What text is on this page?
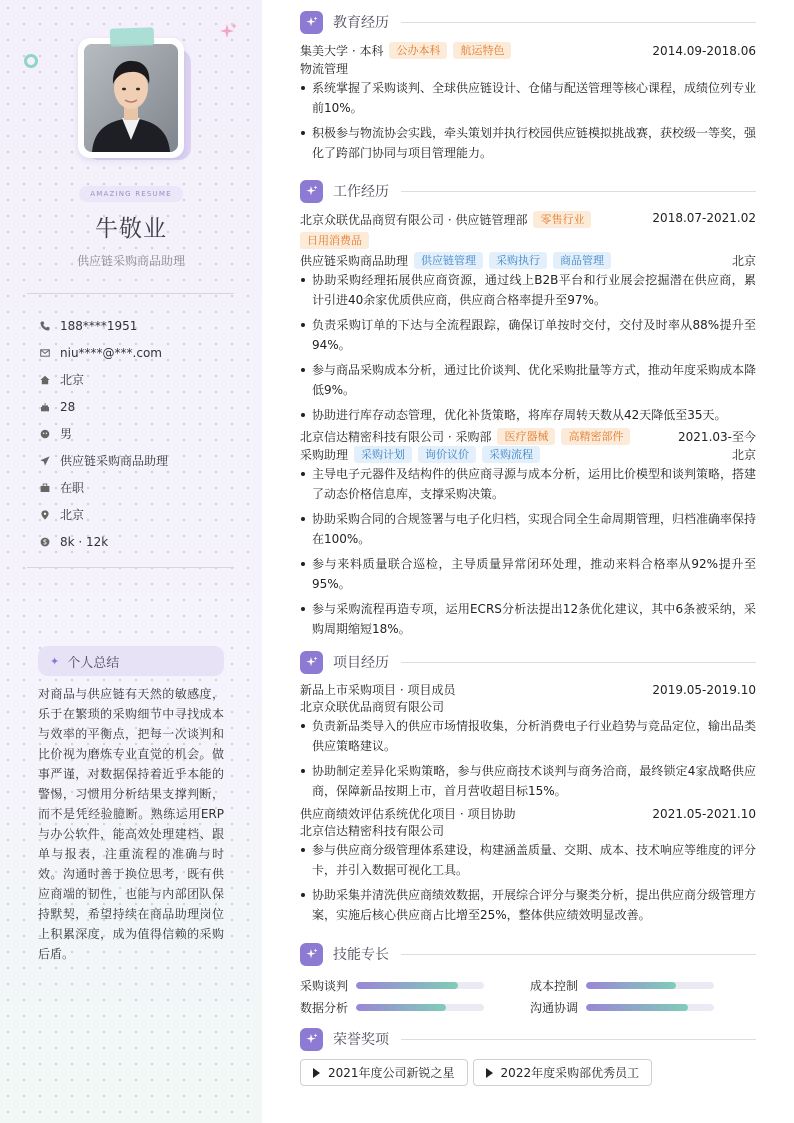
AMAZING RESUME
牛敬业
供应链采购商品助理
188****1951
niu****@***.com
北京
28
男
供应链采购商品助理
在职
北京
8k · 12k
✦ 个人总结

对商品与供应链有天然的敏感度，乐于在繁琐的采购细节中寻找成本与效率的平衡点，把每一次谈判和比价视为磨炼专业直觉的机会。做事严谨，对数据保持着近乎本能的警惕，习惯用分析结果支撑判断，而不是凭经验臆断。熟练运用ERP与办公软件，能高效处理建档、跟单与报表，注重流程的准确与时效。沟通时善于换位思考，既有供应商端的韧性，也能与内部团队保持默契，希望持续在商品助理岗位上积累深度，成为值得信赖的采购后盾。

教育经历
集美大学 · 本科	公办本科	航运特色	2014.09-2018.06
物流管理
系统掌握了采购谈判、全球供应链设计、仓储与配送管理等核心课程，成绩位列专业前10%。
积极参与物流协会实践，牵头策划并执行校园供应链模拟挑战赛，获校级一等奖，强化了跨部门协同与项目管理能力。
工作经历
北京众联优品商贸有限公司 · 供应链管理部	零售行业
日用消费品
2018.07-2021.02
供应链采购商品助理	供应链管理	采购执行	商品管理	北京
协助采购经理拓展供应商资源，通过线上B2B平台和行业展会挖掘潜在供应商，累计引进40余家优质供应商，供应商合格率提升至97%。
负责采购订单的下达与全流程跟踪，确保订单按时交付，交付及时率从88%提升至94%。
参与商品采购成本分析，通过比价谈判、优化采购批量等方式，推动年度采购成本降低9%。
协助进行库存动态管理，优化补货策略，将库存周转天数从42天降低至35天。
北京信达精密科技有限公司 · 采购部	医疗器械	高精密部件	2021.03-至今
采购助理	采购计划	询价议价	采购流程	北京
主导电子元器件及结构件的供应商寻源与成本分析，运用比价模型和谈判策略，搭建了动态价格信息库，支撑采购决策。
协助采购合同的合规签署与电子化归档，实现合同全生命周期管理，归档准确率保持在100%。
参与来料质量联合巡检，主导质量异常闭环处理，推动来料合格率从92%提升至95%。
参与采购流程再造专项，运用ECRS分析法提出12条优化建议，其中6条被采纳，采购周期缩短18%。
项目经历
新品上市采购项目 · 项目成员	2019.05-2019.10
北京众联优品商贸有限公司
负责新品类导入的供应市场情报收集，分析消费电子行业趋势与竞品定位，输出品类供应策略建议。
协助制定差异化采购策略，参与供应商技术谈判与商务洽商，最终锁定4家战略供应商，保障新品按期上市，首月营收超目标15%。
供应商绩效评估系统优化项目 · 项目协助	2021.05-2021.10
北京信达精密科技有限公司
参与供应商分级管理体系建设，构建涵盖质量、交期、成本、技术响应等维度的评分卡，并引入数据可视化工具。
协助采集并清洗供应商绩效数据，开展综合评分与聚类分析，提出供应商分级管理方案，实施后核心供应商占比增至25%，整体供应绩效明显改善。
技能专长
采购谈判	成本控制
数据分析	沟通协调
荣誉奖项
2021年度公司新锐之星	2022年度采购部优秀员工
